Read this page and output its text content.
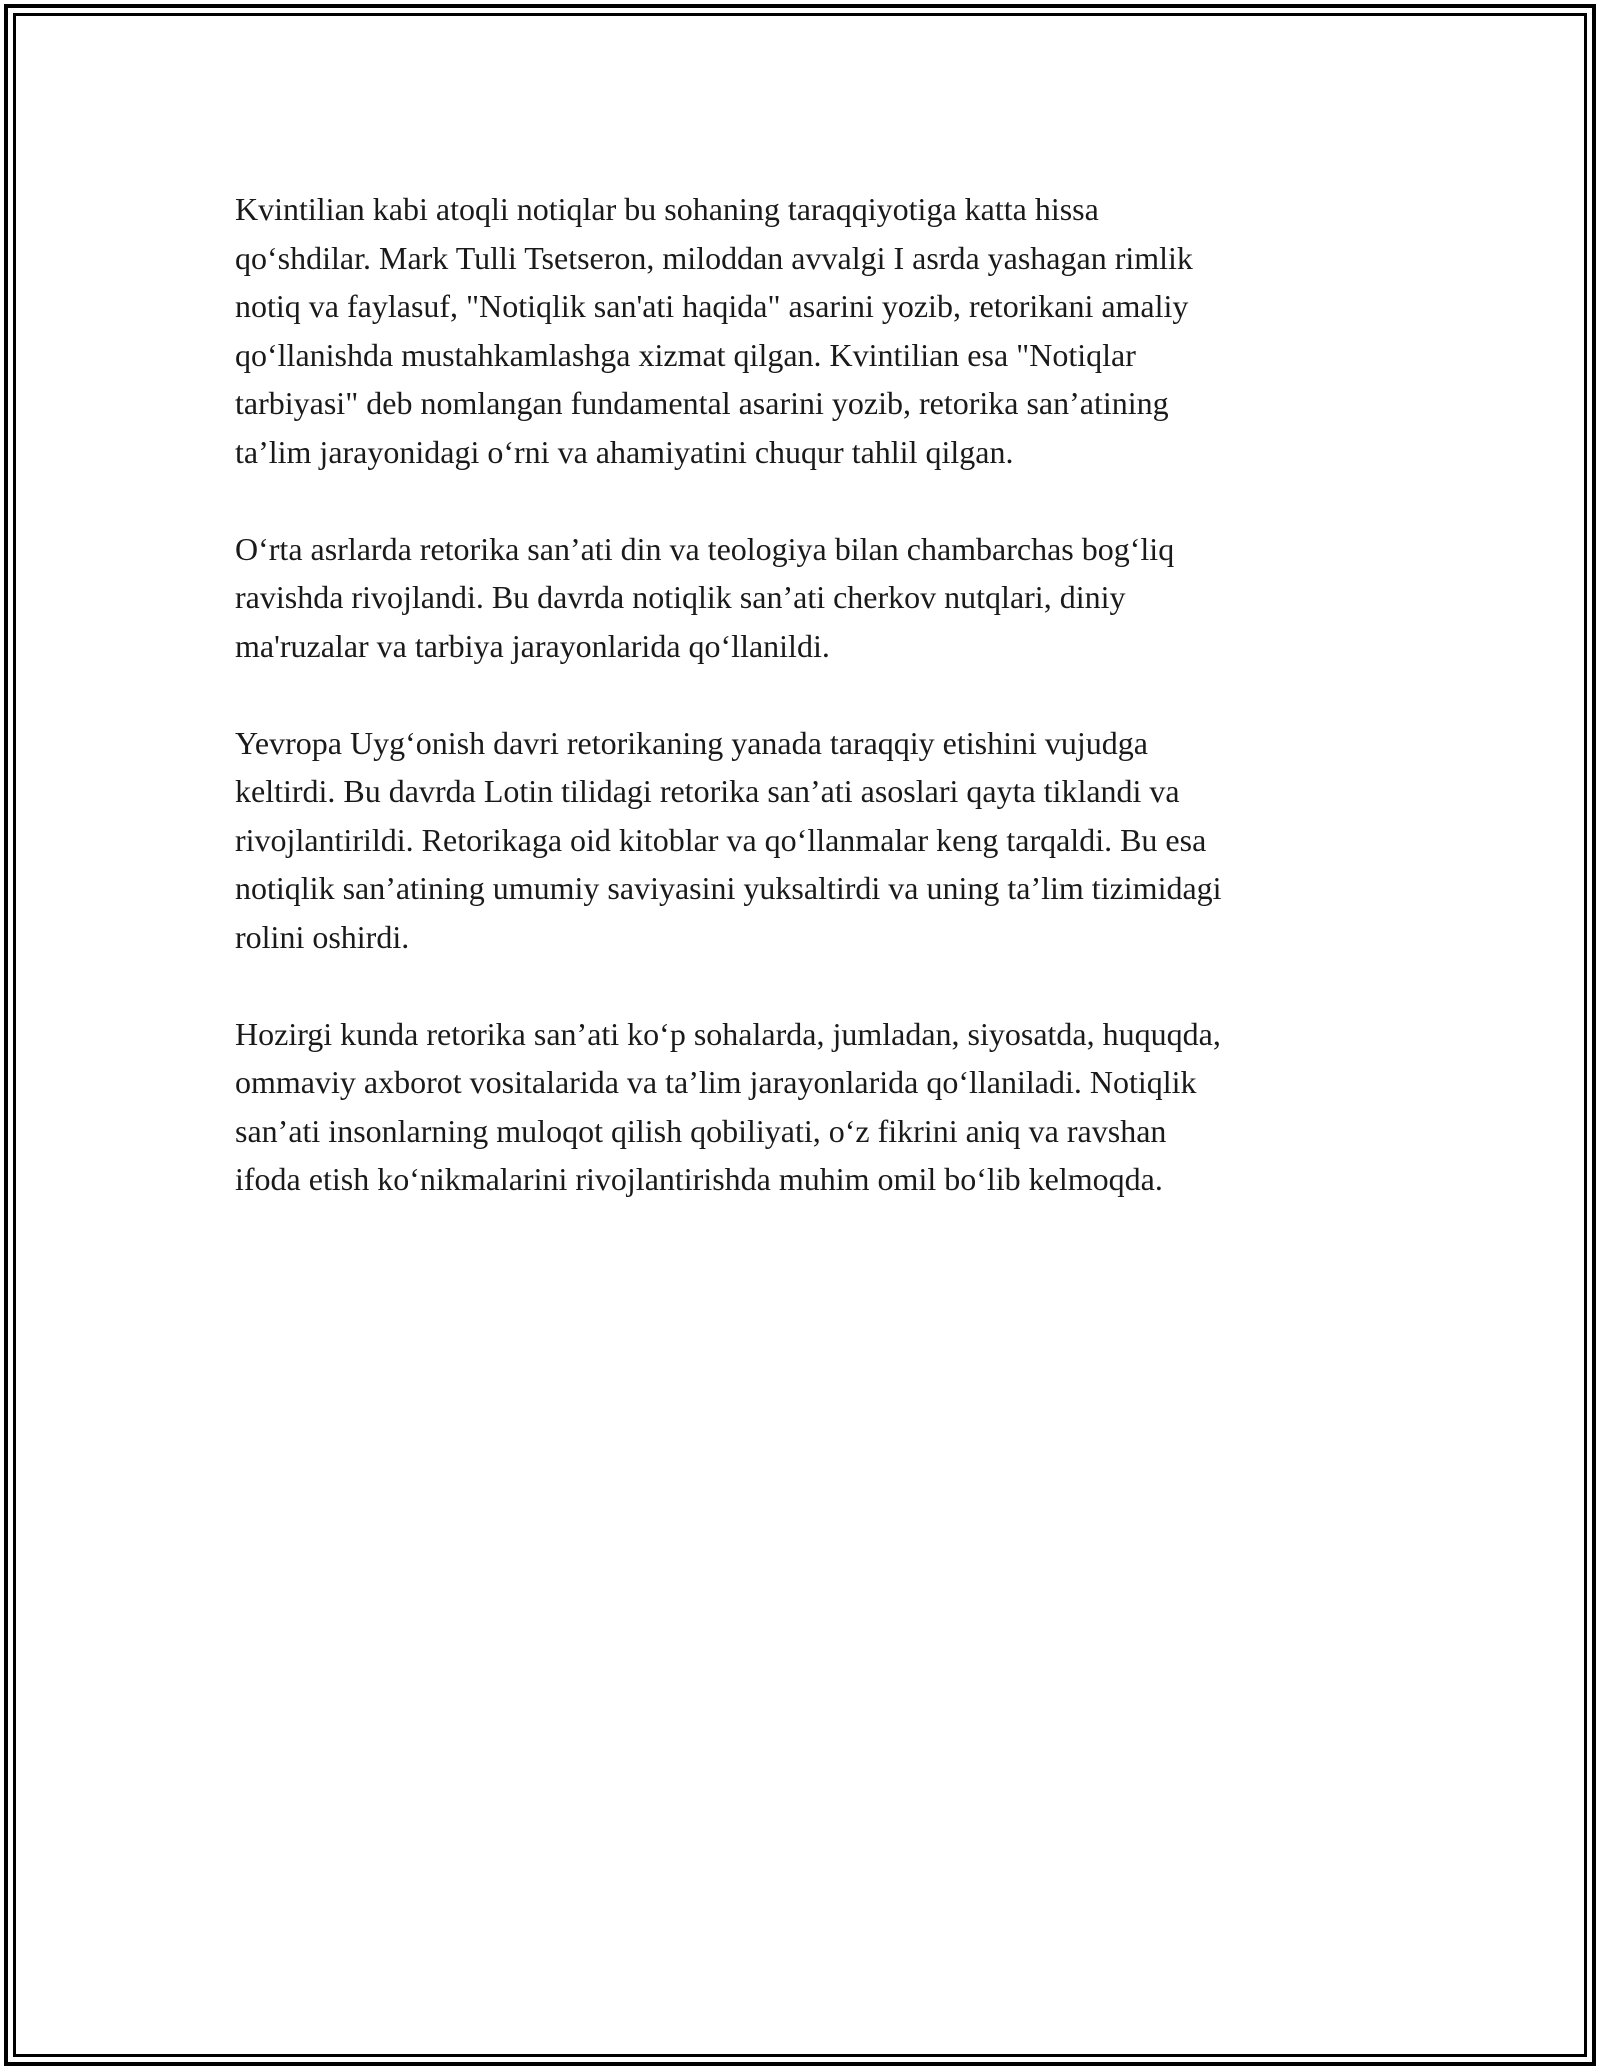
Kvintilian kabi atoqli notiqlar bu sohaning taraqqiyotiga katta hissa
qo‘shdilar. Mark Tulli Tsetseron, miloddan avvalgi I asrda yashagan rimlik
notiq va faylasuf, "Notiqlik san'ati haqida" asarini yozib, retorikani amaliy
qo‘llanishda mustahkamlashga xizmat qilgan. Kvintilian esa "Notiqlar
tarbiyasi" deb nomlangan fundamental asarini yozib, retorika san’atining
ta’lim jarayonidagi o‘rni va ahamiyatini chuqur tahlil qilgan.

O‘rta asrlarda retorika san’ati din va teologiya bilan chambarchas bog‘liq
ravishda rivojlandi. Bu davrda notiqlik san’ati cherkov nutqlari, diniy
ma'ruzalar va tarbiya jarayonlarida qo‘llanildi.

Yevropa Uyg‘onish davri retorikaning yanada taraqqiy etishini vujudga
keltirdi. Bu davrda Lotin tilidagi retorika san’ati asoslari qayta tiklandi va
rivojlantirildi. Retorikaga oid kitoblar va qo‘llanmalar keng tarqaldi. Bu esa
notiqlik san’atining umumiy saviyasini yuksaltirdi va uning ta’lim tizimidagi
rolini oshirdi.

Hozirgi kunda retorika san’ati ko‘p sohalarda, jumladan, siyosatda, huquqda,
ommaviy axborot vositalarida va ta’lim jarayonlarida qo‘llaniladi. Notiqlik
san’ati insonlarning muloqot qilish qobiliyati, o‘z fikrini aniq va ravshan
ifoda etish ko‘nikmalarini rivojlantirishda muhim omil bo‘lib kelmoqda.
